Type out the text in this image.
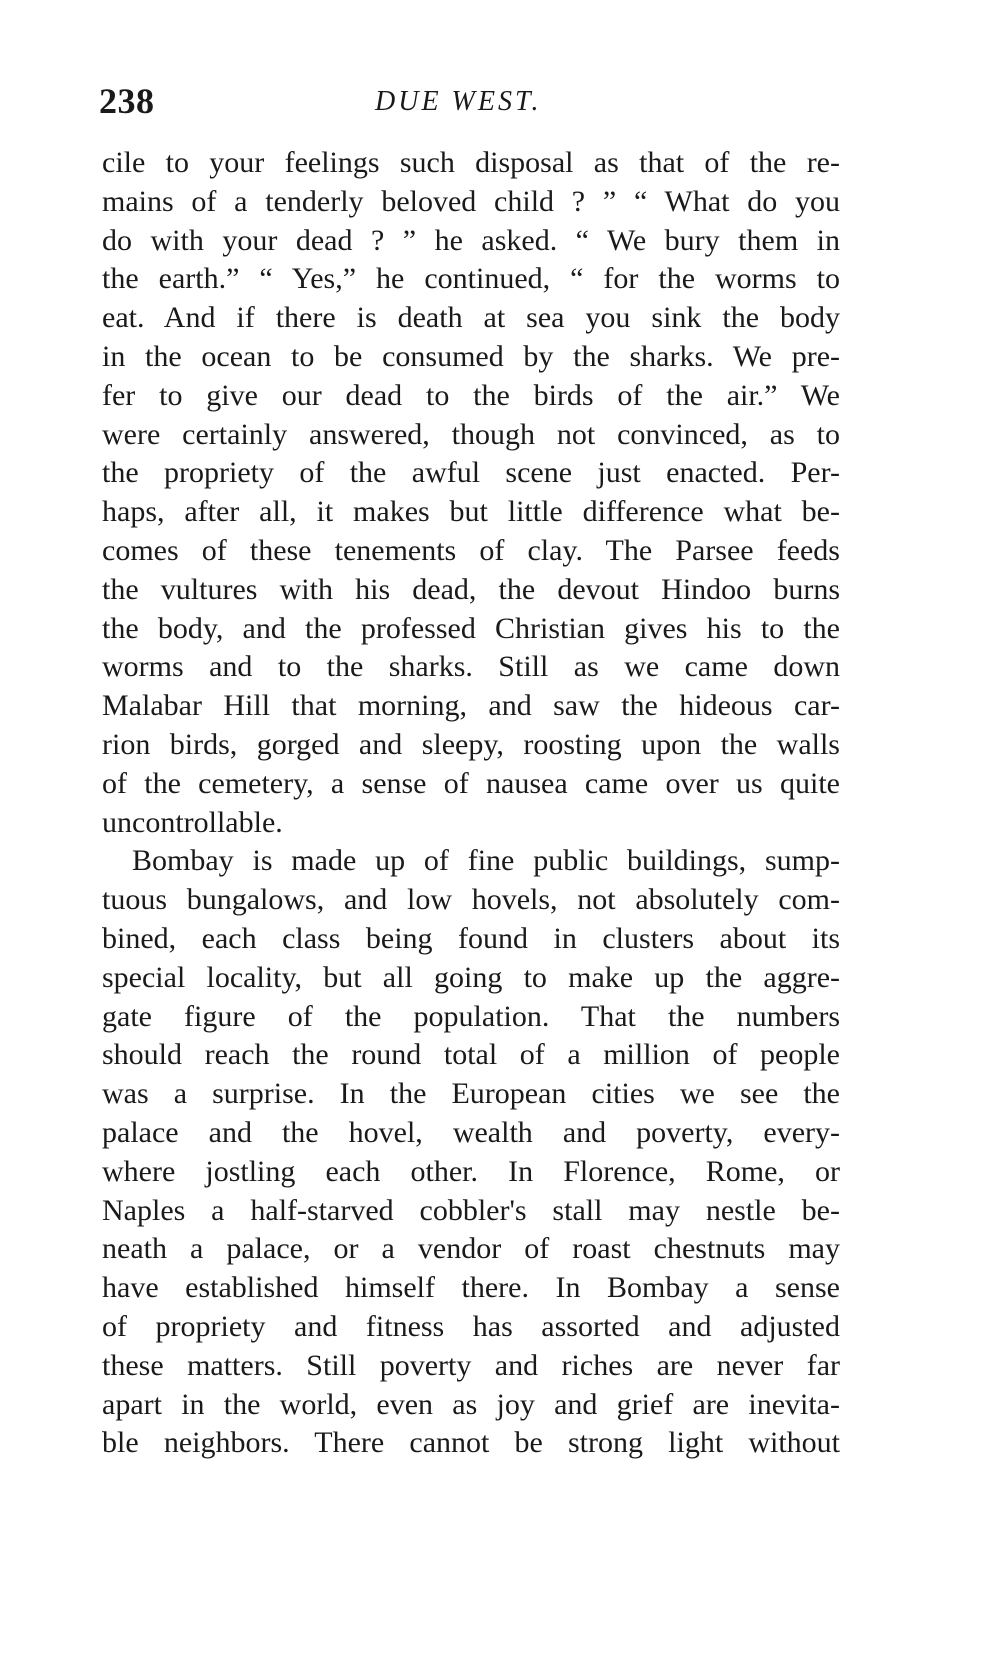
238	DUE WEST.
cile to your feelings such disposal as that of the re-
mains of a tenderly beloved child ? ” “ What do you
do with your dead ? ” he asked. “ We bury them in
the earth.” “ Yes,” he continued, “ for the worms to
eat. And if there is death at sea you sink the body
in the ocean to be consumed by the sharks. We pre-
fer to give our dead to the birds of the air.” We
were certainly answered, though not convinced, as to
the propriety of the awful scene just enacted. Per-
haps, after all, it makes but little difference what be-
comes of these tenements of clay. The Parsee feeds
the vultures with his dead, the devout Hindoo burns
the body, and the professed Christian gives his to the
worms and to the sharks. Still as we came down
Malabar Hill that morning, and saw the hideous car-
rion birds, gorged and sleepy, roosting upon the walls
of the cemetery, a sense of nausea came over us quite
uncontrollable.
Bombay is made up of fine public buildings, sump-
tuous bungalows, and low hovels, not absolutely com-
bined, each class being found in clusters about its
special locality, but all going to make up the aggre-
gate figure of the population. That the numbers
should reach the round total of a million of people
was a surprise. In the European cities we see the
palace and the hovel, wealth and poverty, every-
where jostling each other. In Florence, Rome, or
Naples a half-starved cobbler's stall may nestle be-
neath a palace, or a vendor of roast chestnuts may
have established himself there. In Bombay a sense
of propriety and fitness has assorted and adjusted
these matters. Still poverty and riches are never far
apart in the world, even as joy and grief are inevita-
ble neighbors. There cannot be strong light without
